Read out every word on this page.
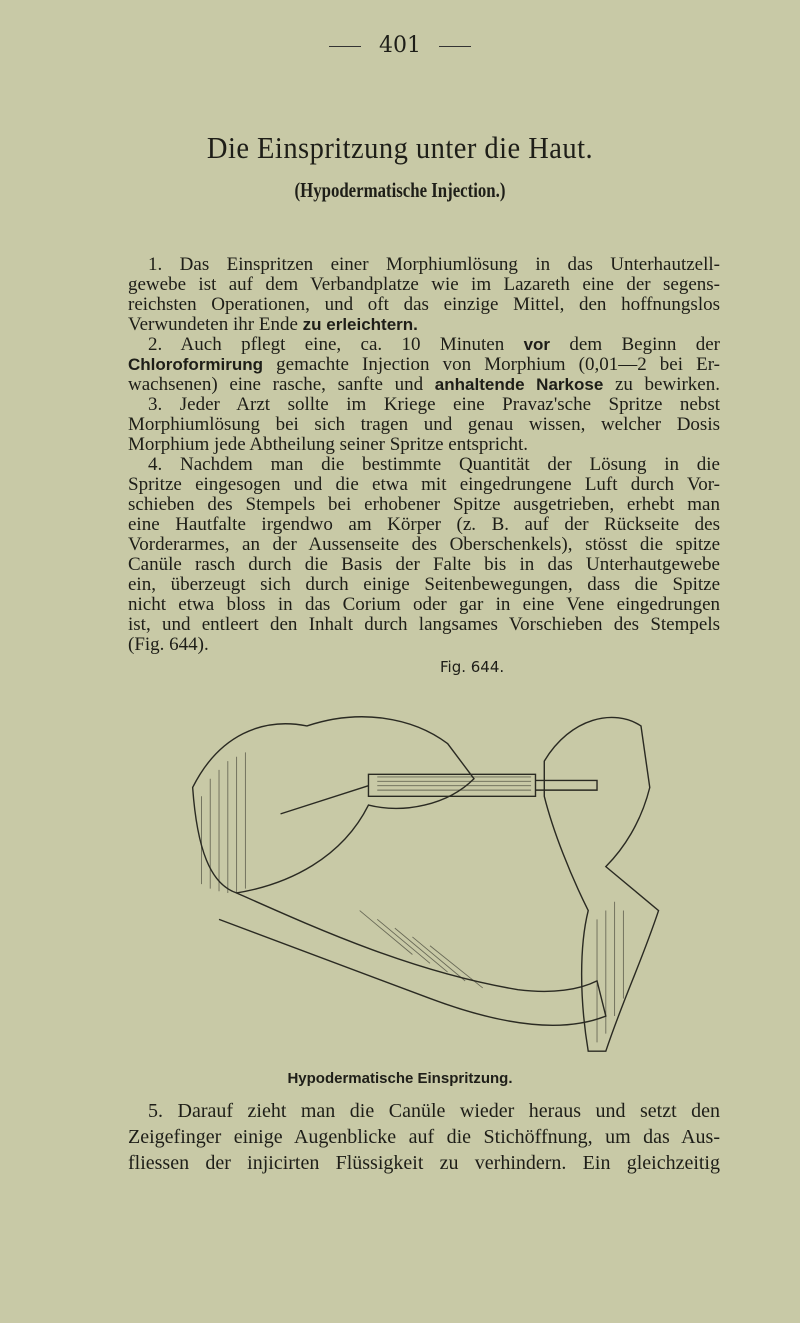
401
Die Einspritzung unter die Haut.
(Hypodermatische Injection.)
1. Das Einspritzen einer Morphiumlösung in das Unterhautzell-
gewebe ist auf dem Verbandplatze wie im Lazareth eine der segens-
reichsten Operationen, und oft das einzige Mittel, den hoffnungslos
Verwundeten ihr Ende zu erleichtern.
2. Auch pflegt eine, ca. 10 Minuten vor dem Beginn der
Chloroformirung gemachte Injection von Morphium (0,01—2 bei Er-
wachsenen) eine rasche, sanfte und anhaltende Narkose zu bewirken.
3. Jeder Arzt sollte im Kriege eine Pravaz'sche Spritze nebst
Morphiumlösung bei sich tragen und genau wissen, welcher Dosis
Morphium jede Abtheilung seiner Spritze entspricht.
4. Nachdem man die bestimmte Quantität der Lösung in die
Spritze eingesogen und die etwa mit eingedrungene Luft durch Vor-
schieben des Stempels bei erhobener Spitze ausgetrieben, erhebt man
eine Hautfalte irgendwo am Körper (z. B. auf der Rückseite des
Vorderarmes, an der Aussenseite des Oberschenkels), stösst die spitze
Canüle rasch durch die Basis der Falte bis in das Unterhautgewebe
ein, überzeugt sich durch einige Seitenbewegungen, dass die Spitze
nicht etwa bloss in das Corium oder gar in eine Vene eingedrungen
ist, und entleert den Inhalt durch langsames Vorschieben des Stempels
(Fig. 644).
Fig. 644.
Hypodermatische Einspritzung.
5. Darauf zieht man die Canüle wieder heraus und setzt den
Zeigefinger einige Augenblicke auf die Stichöffnung, um das Aus-
fliessen der injicirten Flüssigkeit zu verhindern. Ein gleichzeitig
